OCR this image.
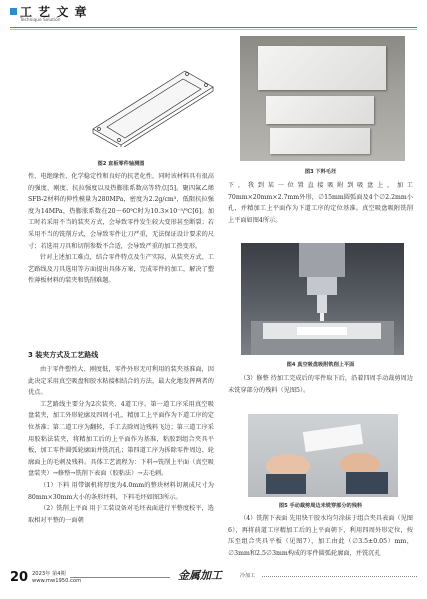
工 艺 文 章
Technique Solution
图2 直板零件轴测图

性、电绝缘性、化学稳定性和良好的抗老化性，同时该材料具有很高的强度、刚度、抗拉强度以及热膨胀系数高等特点[5]。聚四氟乙烯SFB-2材料的伸性模量为280MPa，密度为2.2g/cm³，低限抗拉强度为14MPa，热膨胀系数在20～60℃时为10.3×10⁻⁵/℃[6]。加工时若采用不当的装夹方式，会导致零件发生较大变形甚至断裂；若采用不当的铣削方式，会导致零件让刀严重，无法保证设计要求的尺寸；若选用刀具和切削参数不合适，会导致严重的加工热变形。

针对上述加工难点，结合零件特点及生产实际，从装夹方式、工艺路线及刀具选用等方面提出具体方案，完成零件的加工，解决了塑性薄板材料的装夹和铣削难题。

3 装夹方式及工艺路线

由于零件塑性大、刚度低，零件外形无可利用的装夹基准面，因此决定采用真空吸盘和胶水粘接相结合的方法，最大化地发挥两者的优点。

工艺路线主要分为2次装夹、4道工序。第一道工序采用真空吸盘装夹，加工外形轮廓及四周小孔，精加工上平面作为下道工序的定位基准；第二道工序为翻转，手工去除周边残料飞边；第三道工序采用胶粘法装夹，将精加工后的上平面作为基准，粘胶到组合夹具平板，加工零件圆弧轮廓面并铣沉孔；第四道工序为拆除零件周边、轮廓面上的毛刺及残料。具体工艺流程为：下料→铣削上平面（真空吸盘装夹）→修整→铣削下表面（胶粘法）→去毛刺。

（1）下料 用带锯机将厚度为4.0mm的整块材料切割成尺寸为80mm×30mm大小的条形坯料，下料毛坯如图3所示。

（2）铣削上平面 用于工装设备对毛坯表面进行平整度校平，选取相对平整的一面朝

图3 下料毛坯

下，我到某一位置直接吸附到吸盘上，加工70mm×20mm×2.7mm外形，∅15mm圆弧面及4个∅2.2mm小孔，并精加工上平面作为下道工序的定位基准。真空吸盘吸附铣削上平面如图4所示。

图4 真空吸盘吸附铣削上平面

（3）修整 待加工完成后的零件取下后，沿着四周手动裁剪周边未铣穿部分的残料（见图5）。

图5 手动裁剪周边未铣穿部分的残料

（4）铣削下表面 先用快干胶水均匀涂抹于组合夹具表面（见图6），再将前道工序精加工后的上平面朝下，利用四周外形定位，按压至组合夹具平板（见图7），加工由此（∅3.5±0.05）mm，∅3mm和2.5∅3mm构成的零件圆弧轮廓面，并铣沉孔

20 2023年 第4期
www.mw1950.com	金属加工	冷加工
